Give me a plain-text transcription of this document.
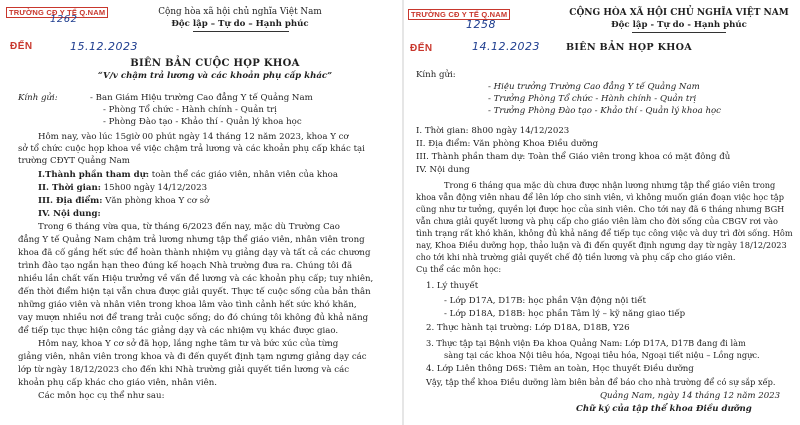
TRƯỜNG CĐ Y TẾ Q.NAM
1262
ĐẾN	15.12.2023
Cộng hòa xã hội chủ nghĩa Việt Nam
Độc lập – Tự do – Hạnh phúc
BIÊN BẢN CUỘC HỌP KHOA
“V/v chậm trả lương và các khoản phụ cấp khác”
Kính gửi:	- Ban Giám Hiệu trường Cao đẳng Y tế Quảng Nam
- Phòng Tổ chức - Hành chính - Quản trị
- Phòng Đào tạo - Khảo thí - Quản lý khoa học
Hôm nay, vào lúc 15giờ 00 phút ngày 14 tháng 12 năm 2023, khoa Y cơ
sở tổ chức cuộc họp khoa về việc chậm trả lương và các khoản phụ cấp khác tại
trường CĐYT Quảng Nam
I.Thành phần tham dự: toàn thể các giáo viên, nhân viên của khoa
II. Thời gian: 15h00 ngày 14/12/2023
III. Địa điểm: Văn phòng khoa Y cơ sở
IV. Nội dung:
Trong 6 tháng vừa qua, từ tháng 6/2023 đến nay, mặc dù Trường Cao
đẳng Y tế Quảng Nam chậm trả lương nhưng tập thể giáo viên, nhân viên trong
khoa đã cố gắng hết sức để hoàn thành nhiệm vụ giảng dạy và tất cả các chương
trình đào tạo ngắn hạn theo đúng kế hoạch Nhà trường đưa ra. Chúng tôi đã
nhiều lần chất vấn Hiệu trưởng về vấn đề lương và các khoản phụ cấp; tuy nhiên,
đến thời điểm hiện tại vẫn chưa được giải quyết. Thực tế cuộc sống của bản thân
những giáo viên và nhân viên trong khoa lâm vào tình cảnh hết sức khó khăn,
vay mượn nhiều nơi để trang trải cuộc sống; do đó chúng tôi không đủ khả năng
để tiếp tục thực hiện công tác giảng dạy và các nhiệm vụ khác được giao.
Hôm nay, khoa Y cơ sở đã họp, lắng nghe tâm tư và bức xúc của từng
giảng viên, nhân viên trong khoa và đi đến quyết định tạm ngưng giảng dạy các
lớp từ ngày 18/12/2023 cho đến khi Nhà trường giải quyết tiền lương và các
khoản phụ cấp khác cho giáo viên, nhân viên.
Các môn học cụ thể như sau:
TRƯỜNG CĐ Y TẾ Q.NAM
1258
ĐẾN	14.12.2023
CỘNG HÒA XÃ HỘI CHỦ NGHĨA VIỆT NAM
Độc lập - Tự do - Hạnh phúc
BIÊN BẢN HỌP KHOA
Kính gửi:
- Hiệu trưởng Trường Cao đẳng Y tế Quảng Nam
- Trưởng Phòng Tổ chức - Hành chính - Quản trị
- Trưởng Phòng Đào tạo - Khảo thí - Quản lý khoa học
I. Thời gian: 8h00 ngày 14/12/2023
II. Địa điểm: Văn phòng Khoa Điều dưỡng
III. Thành phần tham dự: Toàn thể Giáo viên trong khoa có mặt đông đủ
IV. Nội dung
Trong 6 tháng qua mặc dù chưa được nhận lương nhưng tập thể giáo viên trong
khoa vẫn động viên nhau để lên lớp cho sinh viên, vì không muốn gián đoạn việc học tập
cũng như tư tưởng, quyền lợi được học của sinh viên. Cho tới nay đã 6 tháng nhưng BGH
vẫn chưa giải quyết lương và phụ cấp cho giáo viên làm cho đời sống của CBGV rơi vào
tình trạng rất khó khăn, không đủ khả năng để tiếp tục công việc và duy trì đời sống. Hôm
nay, Khoa Điều dưỡng họp, thảo luận và đi đến quyết định ngưng dạy từ ngày 18/12/2023
cho tới khi nhà trường giải quyết chế độ tiền lương và phụ cấp cho giáo viên.
Cụ thể các môn học:
1. Lý thuyết
- Lớp D17A, D17B: học phần Vận động nội tiết
- Lớp D18A, D18B: học phần Tâm lý – kỹ năng giao tiếp
2. Thực hành tại trường: Lớp D18A, D18B, Y26
3. Thực tập tại Bệnh viện Đa khoa Quảng Nam: Lớp D17A, D17B đang đi làm
sàng tại các khoa Nội tiêu hóa, Ngoại tiêu hóa, Ngoại tiết niệu – Lồng ngực.
4. Lớp Liên thông D6S: Tiêm an toàn, Học thuyết Điều dưỡng
Vậy, tập thể khoa Điều dưỡng làm biên bản để báo cho nhà trường để có sự sắp xếp.
Quảng Nam, ngày 14 tháng 12 năm 2023
Chữ ký của tập thể khoa Điều dưỡng
